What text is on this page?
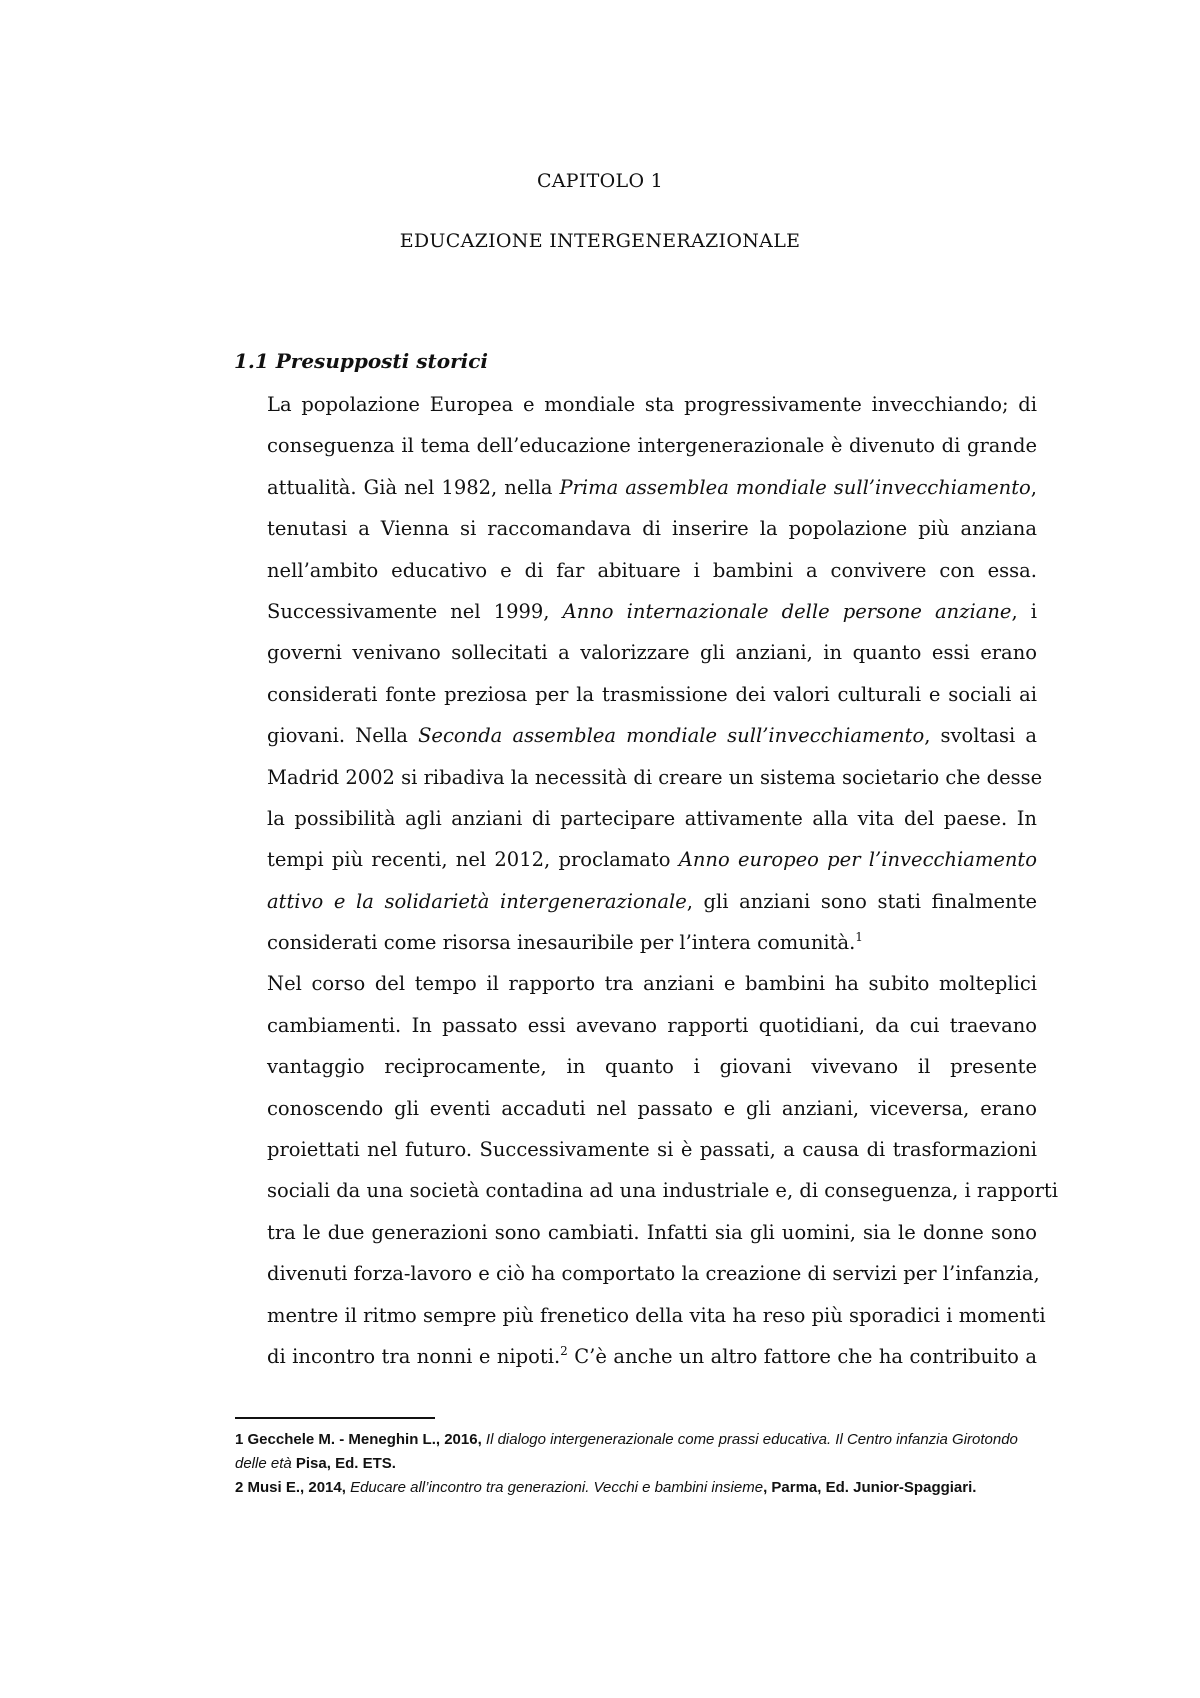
CAPITOLO 1
EDUCAZIONE INTERGENERAZIONALE
1.1 Presupposti storici
La popolazione Europea e mondiale sta progressivamente invecchiando; di
conseguenza il tema dell’educazione intergenerazionale è divenuto di grande
attualità. Già nel 1982, nella Prima assemblea mondiale sull’invecchiamento,
tenutasi a Vienna si raccomandava di inserire la popolazione più anziana
nell’ambito educativo e di far abituare i bambini a convivere con essa.
Successivamente nel 1999, Anno internazionale delle persone anziane, i
governi venivano sollecitati a valorizzare gli anziani, in quanto essi erano
considerati fonte preziosa per la trasmissione dei valori culturali e sociali ai
giovani. Nella Seconda assemblea mondiale sull’invecchiamento, svoltasi a
Madrid 2002 si ribadiva la necessità di creare un sistema societario che desse
la possibilità agli anziani di partecipare attivamente alla vita del paese. In
tempi più recenti, nel 2012, proclamato Anno europeo per l’invecchiamento
attivo e la solidarietà intergenerazionale, gli anziani sono stati finalmente
considerati come risorsa inesauribile per l’intera comunità.$^1$
Nel corso del tempo il rapporto tra anziani e bambini ha subito molteplici
cambiamenti. In passato essi avevano rapporti quotidiani, da cui traevano
vantaggio reciprocamente, in quanto i giovani vivevano il presente
conoscendo gli eventi accaduti nel passato e gli anziani, viceversa, erano
proiettati nel futuro. Successivamente si è passati, a causa di trasformazioni
sociali da una società contadina ad una industriale e, di conseguenza, i rapporti
tra le due generazioni sono cambiati. Infatti sia gli uomini, sia le donne sono
divenuti forza-lavoro e ciò ha comportato la creazione di servizi per l’infanzia,
mentre il ritmo sempre più frenetico della vita ha reso più sporadici i momenti
di incontro tra nonni e nipoti.$^2$ C’è anche un altro fattore che ha contribuito a
1 Gecchele M. - Meneghin L., 2016, Il dialogo intergenerazionale come prassi educativa. Il Centro infanzia Girotondo delle età Pisa, Ed. ETS.
2 Musi E., 2014, Educare all’incontro tra generazioni. Vecchi e bambini insieme, Parma, Ed. Junior-Spaggiari.
